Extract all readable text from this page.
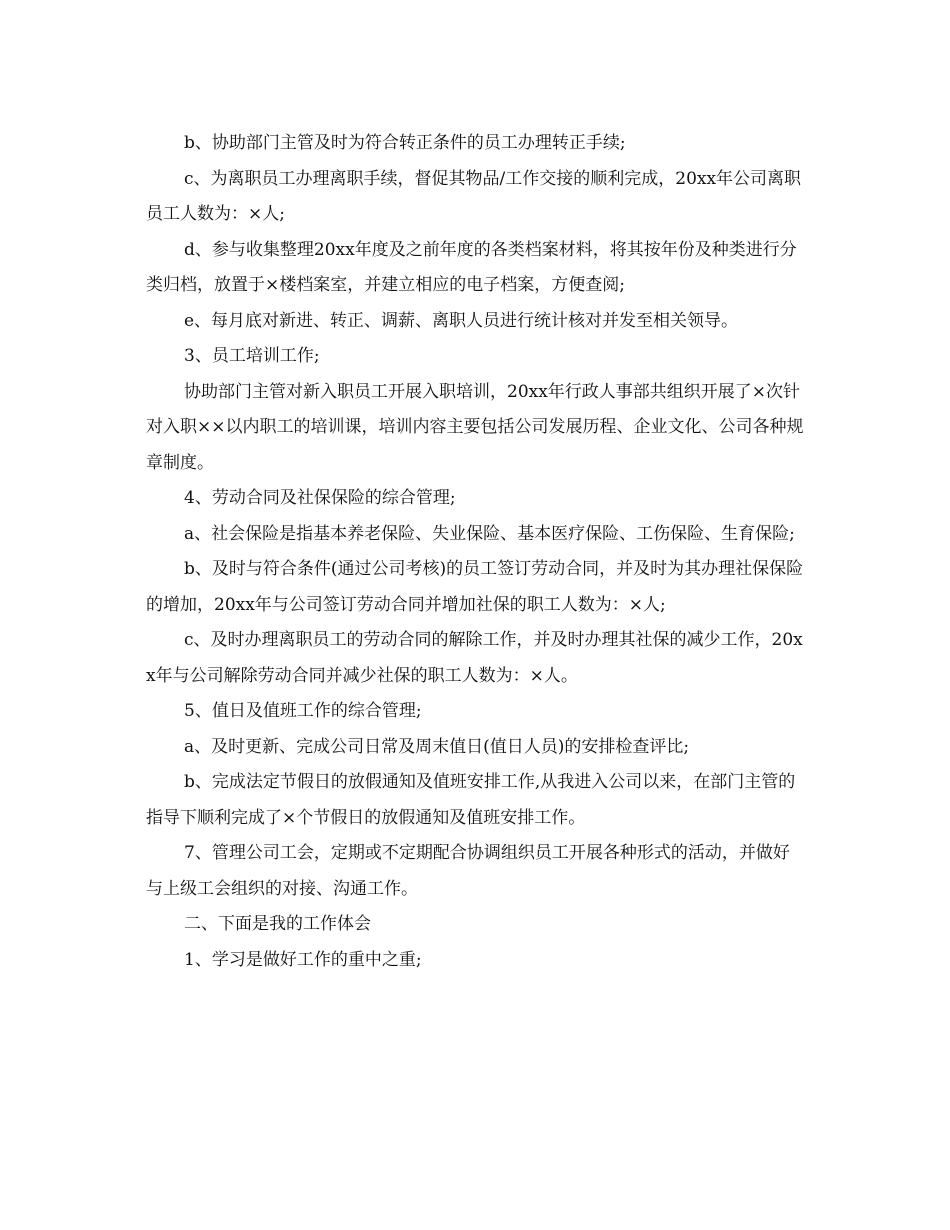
b、协助部门主管及时为符合转正条件的员工办理转正手续;

c、为离职员工办理离职手续，督促其物品/工作交接的顺利完成，20xx年公司离职员工人数为：×人;

d、参与收集整理20xx年度及之前年度的各类档案材料，将其按年份及种类进行分类归档，放置于×楼档案室，并建立相应的电子档案，方便查阅;

e、每月底对新进、转正、调薪、离职人员进行统计核对并发至相关领导。

3、员工培训工作;

协助部门主管对新入职员工开展入职培训，20xx年行政人事部共组织开展了×次针对入职××以内职工的培训课，培训内容主要包括公司发展历程、企业文化、公司各种规章制度。

4、劳动合同及社保保险的综合管理;

a、社会保险是指基本养老保险、失业保险、基本医疗保险、工伤保险、生育保险;

b、及时与符合条件(通过公司考核)的员工签订劳动合同，并及时为其办理社保保险的增加，20xx年与公司签订劳动合同并增加社保的职工人数为：×人;

c、及时办理离职员工的劳动合同的解除工作，并及时办理其社保的减少工作，20xx年与公司解除劳动合同并减少社保的职工人数为：×人。

5、值日及值班工作的综合管理;

a、及时更新、完成公司日常及周末值日(值日人员)的安排检查评比;

b、完成法定节假日的放假通知及值班安排工作,从我进入公司以来，在部门主管的指导下顺利完成了×个节假日的放假通知及值班安排工作。

7、管理公司工会，定期或不定期配合协调组织员工开展各种形式的活动，并做好与上级工会组织的对接、沟通工作。

二、下面是我的工作体会

1、学习是做好工作的重中之重;
